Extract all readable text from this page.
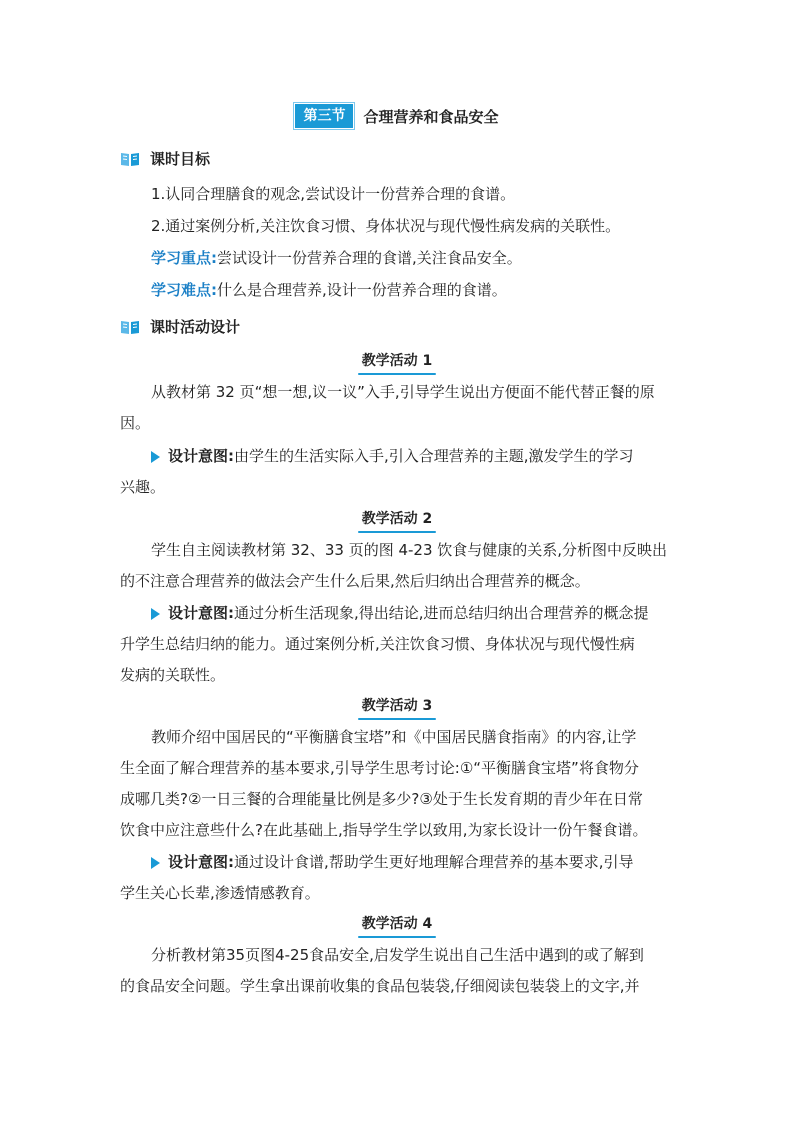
第三节	合理营养和食品安全
课时目标
1.认同合理膳食的观念,尝试设计一份营养合理的食谱。
2.通过案例分析,关注饮食习惯、身体状况与现代慢性病发病的关联性。
学习重点:尝试设计一份营养合理的食谱,关注食品安全。
学习难点:什么是合理营养,设计一份营养合理的食谱。
课时活动设计
教学活动 1
从教材第 32 页“想一想,议一议”入手,引导学生说出方便面不能代替正餐的原
因。
设计意图:由学生的生活实际入手,引入合理营养的主题,激发学生的学习
兴趣。
教学活动 2
学生自主阅读教材第 32、33 页的图 4-23 饮食与健康的关系,分析图中反映出
的不注意合理营养的做法会产生什么后果,然后归纳出合理营养的概念。
设计意图:通过分析生活现象,得出结论,进而总结归纳出合理营养的概念提
升学生总结归纳的能力。通过案例分析,关注饮食习惯、身体状况与现代慢性病
发病的关联性。
教学活动 3
教师介绍中国居民的“平衡膳食宝塔”和《中国居民膳食指南》的内容,让学
生全面了解合理营养的基本要求,引导学生思考讨论:①“平衡膳食宝塔”将食物分
成哪几类?②一日三餐的合理能量比例是多少?③处于生长发育期的青少年在日常
饮食中应注意些什么?在此基础上,指导学生学以致用,为家长设计一份午餐食谱。
设计意图:通过设计食谱,帮助学生更好地理解合理营养的基本要求,引导
学生关心长辈,渗透情感教育。
教学活动 4
分析教材第35页图4-25食品安全,启发学生说出自己生活中遇到的或了解到
的食品安全问题。学生拿出课前收集的食品包装袋,仔细阅读包装袋上的文字,并
